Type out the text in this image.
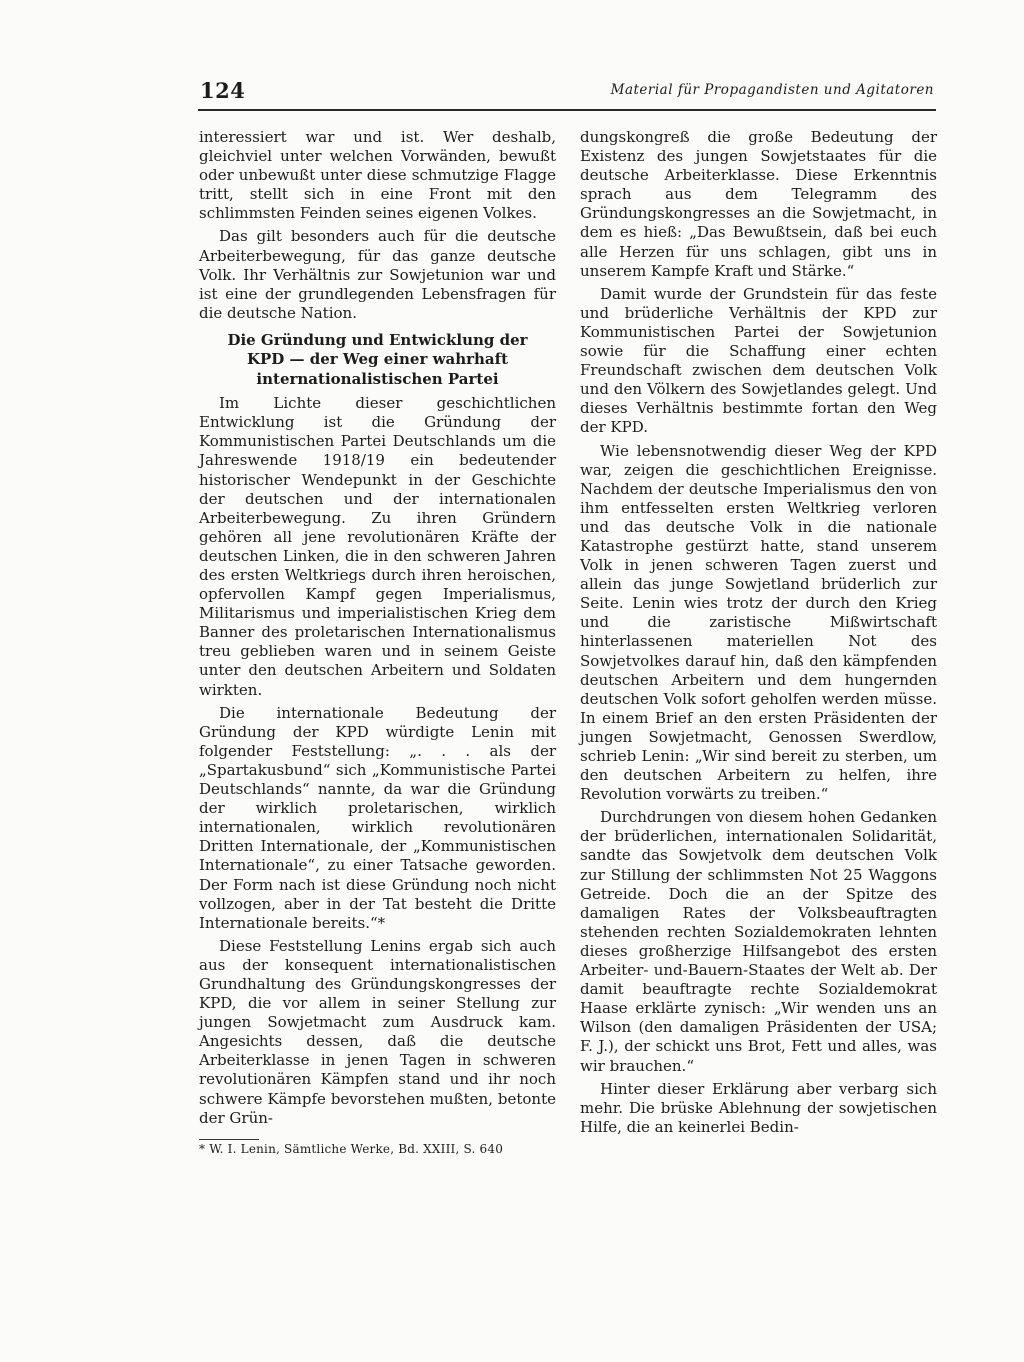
124	Material für Propagandisten und Agitatoren

interessiert war und ist. Wer deshalb, gleichviel unter welchen Vorwänden, bewußt oder unbewußt unter diese schmutzige Flagge tritt, stellt sich in eine Front mit den schlimmsten Feinden seines eigenen Volkes.

Das gilt besonders auch für die deutsche Arbeiterbewegung, für das ganze deutsche Volk. Ihr Verhältnis zur Sowjetunion war und ist eine der grundlegenden Lebensfragen für die deutsche Nation.

Die Gründung und Entwicklung der
KPD — der Weg einer wahrhaft
internationalistischen Partei

Im Lichte dieser geschichtlichen Entwicklung ist die Gründung der Kommunistischen Partei Deutschlands um die Jahreswende 1918/19 ein bedeutender historischer Wendepunkt in der Geschichte der deutschen und der internationalen Arbeiterbewegung. Zu ihren Gründern gehören all jene revolutionären Kräfte der deutschen Linken, die in den schweren Jahren des ersten Weltkriegs durch ihren heroischen, opfervollen Kampf gegen Imperialismus, Militarismus und imperialistischen Krieg dem Banner des proletarischen Internationalismus treu geblieben waren und in seinem Geiste unter den deutschen Arbeitern und Soldaten wirkten.

Die internationale Bedeutung der Gründung der KPD würdigte Lenin mit folgender Feststellung: „. . . als der „Spartakusbund“ sich „Kommunistische Partei Deutschlands“ nannte, da war die Gründung der wirklich proletarischen, wirklich internationalen, wirklich revolutionären Dritten Internationale, der „Kommunistischen Internationale“, zu einer Tatsache geworden. Der Form nach ist diese Gründung noch nicht vollzogen, aber in der Tat besteht die Dritte Internationale bereits.“*

Diese Feststellung Lenins ergab sich auch aus der konsequent internationalistischen Grundhaltung des Gründungskongresses der KPD, die vor allem in seiner Stellung zur jungen Sowjetmacht zum Ausdruck kam. Angesichts dessen, daß die deutsche Arbeiterklasse in jenen Tagen in schweren revolutionären Kämpfen stand und ihr noch schwere Kämpfe bevorstehen mußten, betonte der Grün-

* W. I. Lenin, Sämtliche Werke, Bd. XXIII, S. 640

dungskongreß die große Bedeutung der Existenz des jungen Sowjetstaates für die deutsche Arbeiterklasse. Diese Erkenntnis sprach aus dem Telegramm des Gründungskongresses an die Sowjetmacht, in dem es hieß: „Das Bewußtsein, daß bei euch alle Herzen für uns schlagen, gibt uns in unserem Kampfe Kraft und Stärke.“

Damit wurde der Grundstein für das feste und brüderliche Verhältnis der KPD zur Kommunistischen Partei der Sowjetunion sowie für die Schaffung einer echten Freundschaft zwischen dem deutschen Volk und den Völkern des Sowjetlandes gelegt. Und dieses Verhältnis bestimmte fortan den Weg der KPD.

Wie lebensnotwendig dieser Weg der KPD war, zeigen die geschichtlichen Ereignisse. Nachdem der deutsche Imperialismus den von ihm entfesselten ersten Weltkrieg verloren und das deutsche Volk in die nationale Katastrophe gestürzt hatte, stand unserem Volk in jenen schweren Tagen zuerst und allein das junge Sowjetland brüderlich zur Seite. Lenin wies trotz der durch den Krieg und die zaristische Mißwirtschaft hinterlassenen materiellen Not des Sowjetvolkes darauf hin, daß den kämpfenden deutschen Arbeitern und dem hungernden deutschen Volk sofort geholfen werden müsse. In einem Brief an den ersten Präsidenten der jungen Sowjetmacht, Genossen Swerdlow, schrieb Lenin: „Wir sind bereit zu sterben, um den deutschen Arbeitern zu helfen, ihre Revolution vorwärts zu treiben.“

Durchdrungen von diesem hohen Gedanken der brüderlichen, internationalen Solidarität, sandte das Sowjetvolk dem deutschen Volk zur Stillung der schlimmsten Not 25 Waggons Getreide. Doch die an der Spitze des damaligen Rates der Volksbeauftragten stehenden rechten Sozialdemokraten lehnten dieses großherzige Hilfsangebot des ersten Arbeiter- und-Bauern-Staates der Welt ab. Der damit beauftragte rechte Sozialdemokrat Haase erklärte zynisch: „Wir wenden uns an Wilson (den damaligen Präsidenten der USA; F. J.), der schickt uns Brot, Fett und alles, was wir brauchen.“

Hinter dieser Erklärung aber verbarg sich mehr. Die brüske Ablehnung der sowjetischen Hilfe, die an keinerlei Bedin-
